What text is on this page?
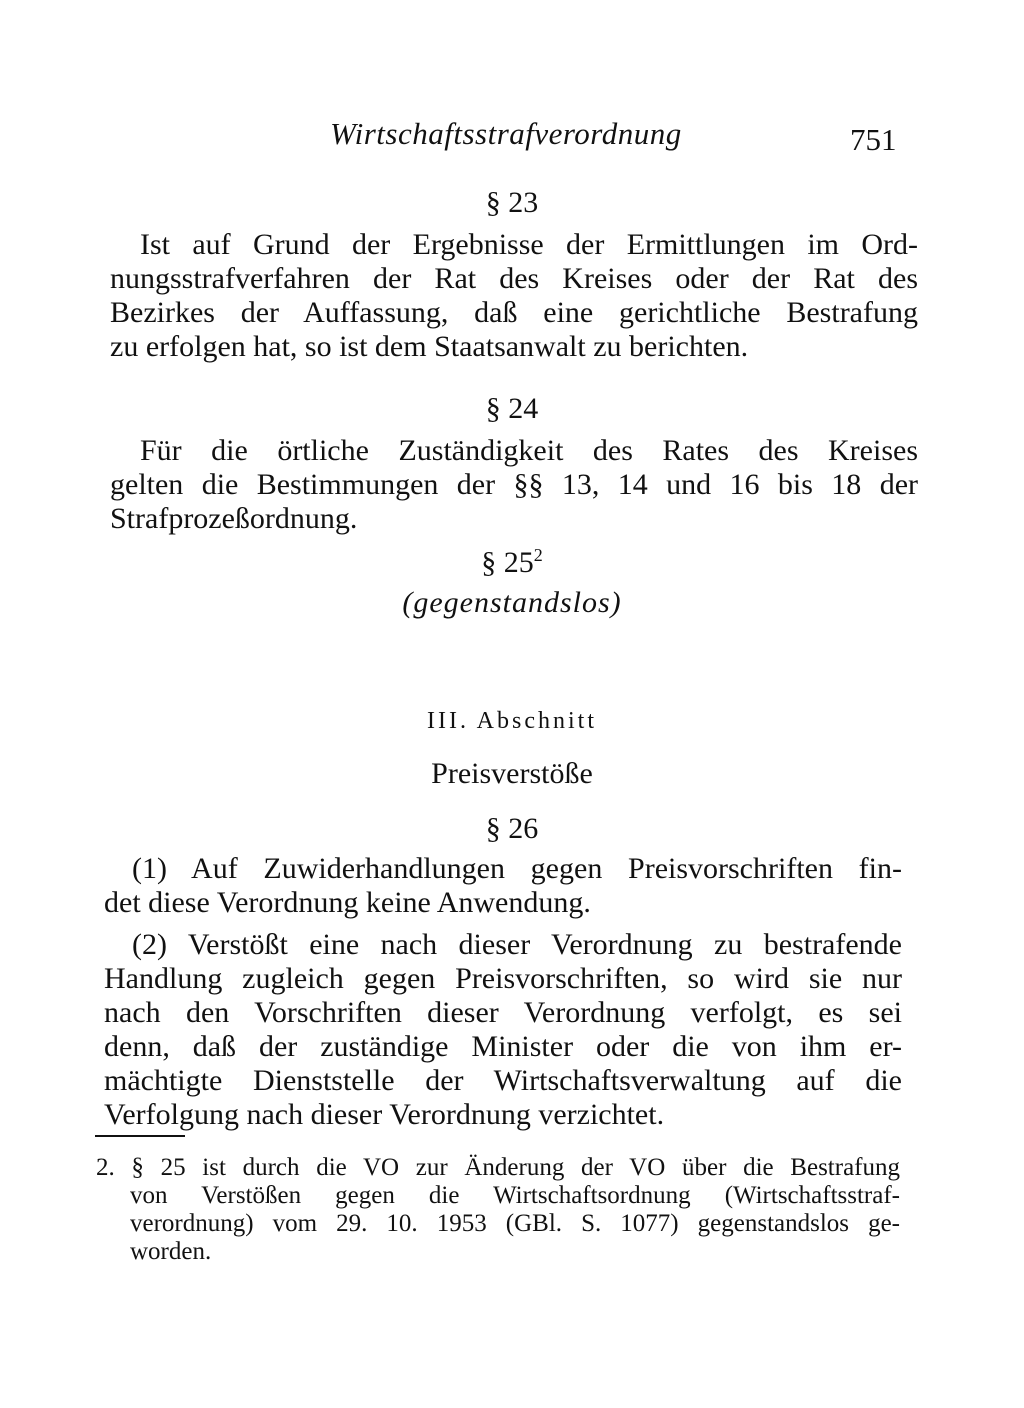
Wirtschaftsstrafverordnung	751
§ 23
Ist auf Grund der Ergebnisse der Ermittlungen im Ord-
nungsstrafverfahren der Rat des Kreises oder der Rat des
Bezirkes der Auffassung, daß eine gerichtliche Bestrafung
zu erfolgen hat, so ist dem Staatsanwalt zu berichten.
§ 24
Für die örtliche Zuständigkeit des Rates des Kreises
gelten die Bestimmungen der §§ 13, 14 und 16 bis 18 der
Strafprozeßordnung.
§ $25^2$
(gegenstandslos)
III. Abschnitt
Preisverstöße
§ 26
(1) Auf Zuwiderhandlungen gegen Preisvorschriften fin-
det diese Verordnung keine Anwendung.
(2) Verstößt eine nach dieser Verordnung zu bestrafende
Handlung zugleich gegen Preisvorschriften, so wird sie nur
nach den Vorschriften dieser Verordnung verfolgt, es sei
denn, daß der zuständige Minister oder die von ihm er-
mächtigte Dienststelle der Wirtschaftsverwaltung auf die
Verfolgung nach dieser Verordnung verzichtet.
2. § 25 ist durch die VO zur Änderung der VO über die Bestrafung
von Verstößen gegen die Wirtschaftsordnung (Wirtschaftsstraf-
verordnung) vom 29. 10. 1953 (GBl. S. 1077) gegenstandslos ge-
worden.
